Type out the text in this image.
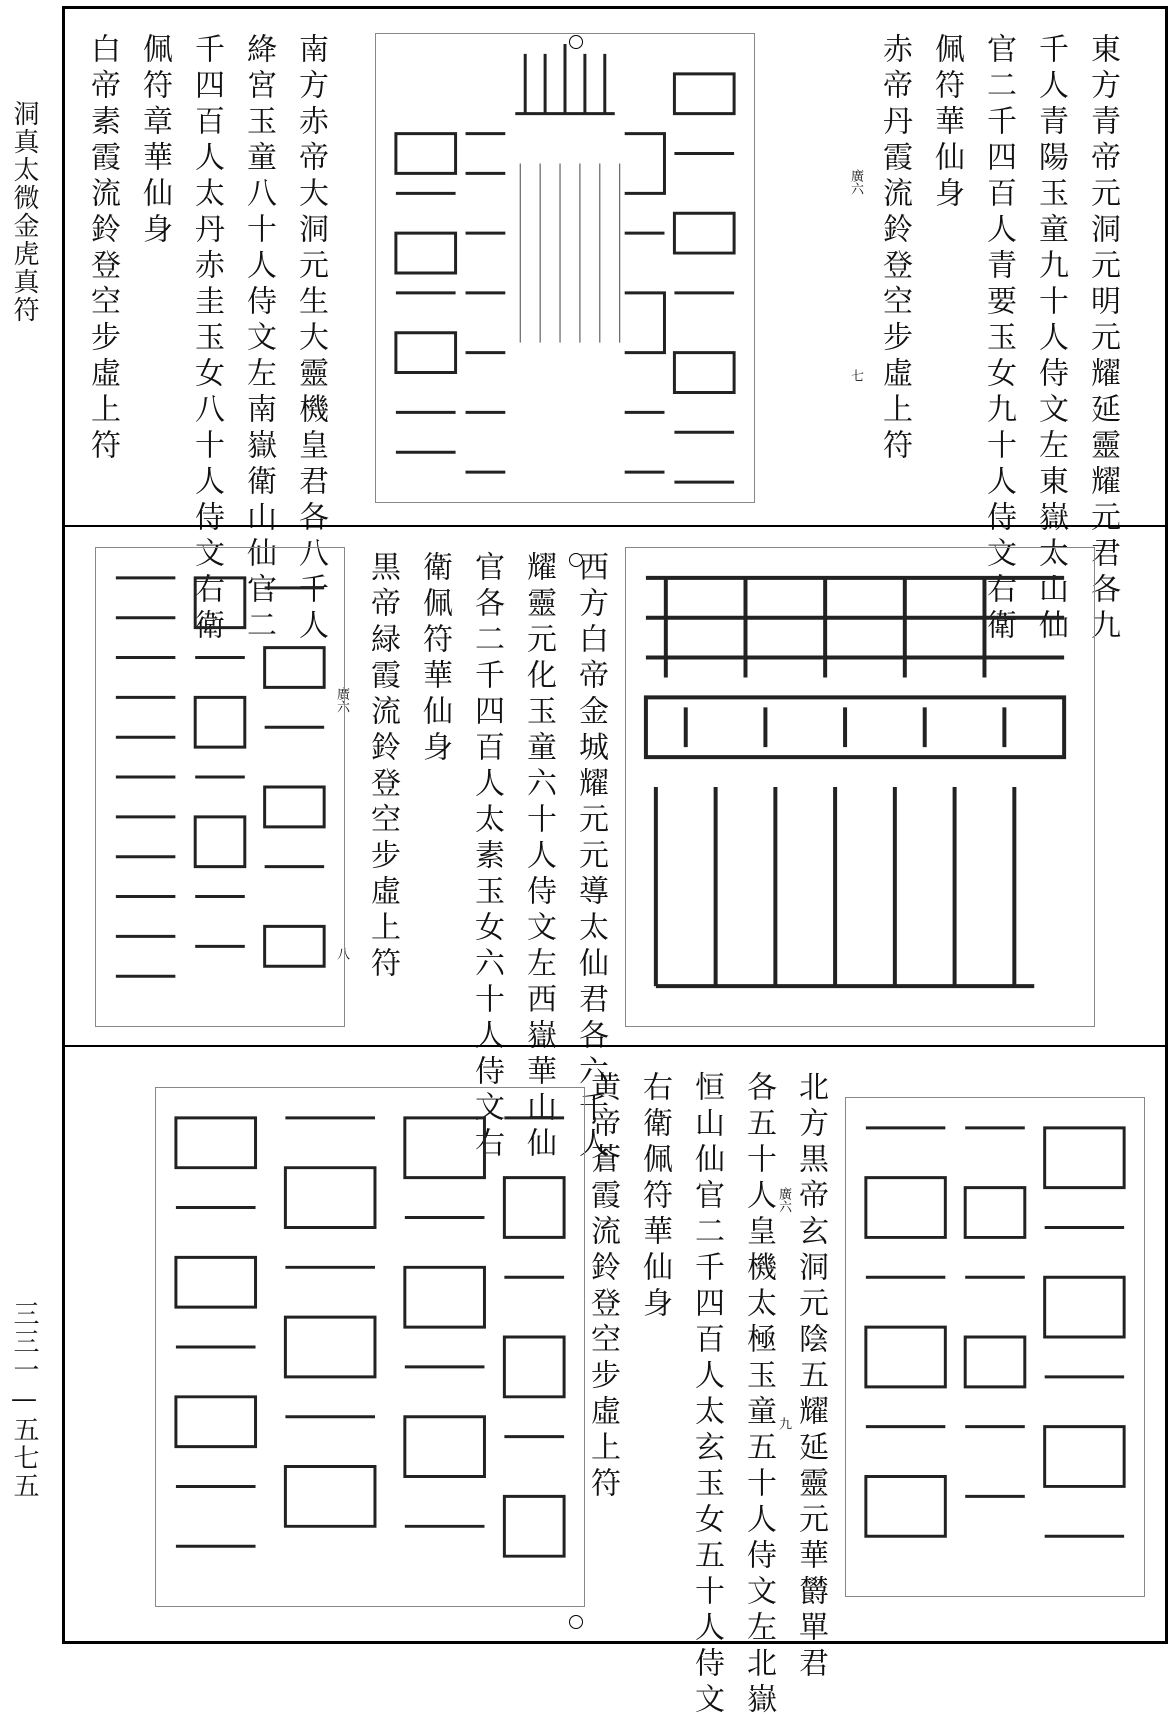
洞真太微金虎真符
三三一—五七五
東方青帝元洞元明元耀延靈耀元君各九
千人青陽玉童九十人侍文左東嶽太山仙
官二千四百人青要玉女九十人侍文右衛
佩符華仙身
赤帝丹霞流鈴登空步虛上符
廣六
七
南方赤帝大洞元生大靈機皇君各八千人
絳宮玉童八十人侍文左南嶽衛山仙官二
千四百人太丹赤圭玉女八十人侍文右衛
佩符章華仙身
白帝素霞流鈴登空步虛上符
西方白帝金城耀元元導太仙君各六千人
耀靈元化玉童六十人侍文左西嶽華山仙
官各二千四百人太素玉女六十人侍文右
衛佩符華仙身
黒帝緑霞流鈴登空步虛上符
廣六
八
北方黒帝玄洞元陰五耀延靈元華欝單君
各五十人皇機太極玉童五十人侍文左北嶽
恒山仙官二千四百人太玄玉女五十人侍文
右衛佩符華仙身
黄帝蒼霞流鈴登空步虛上符	廣六
九
